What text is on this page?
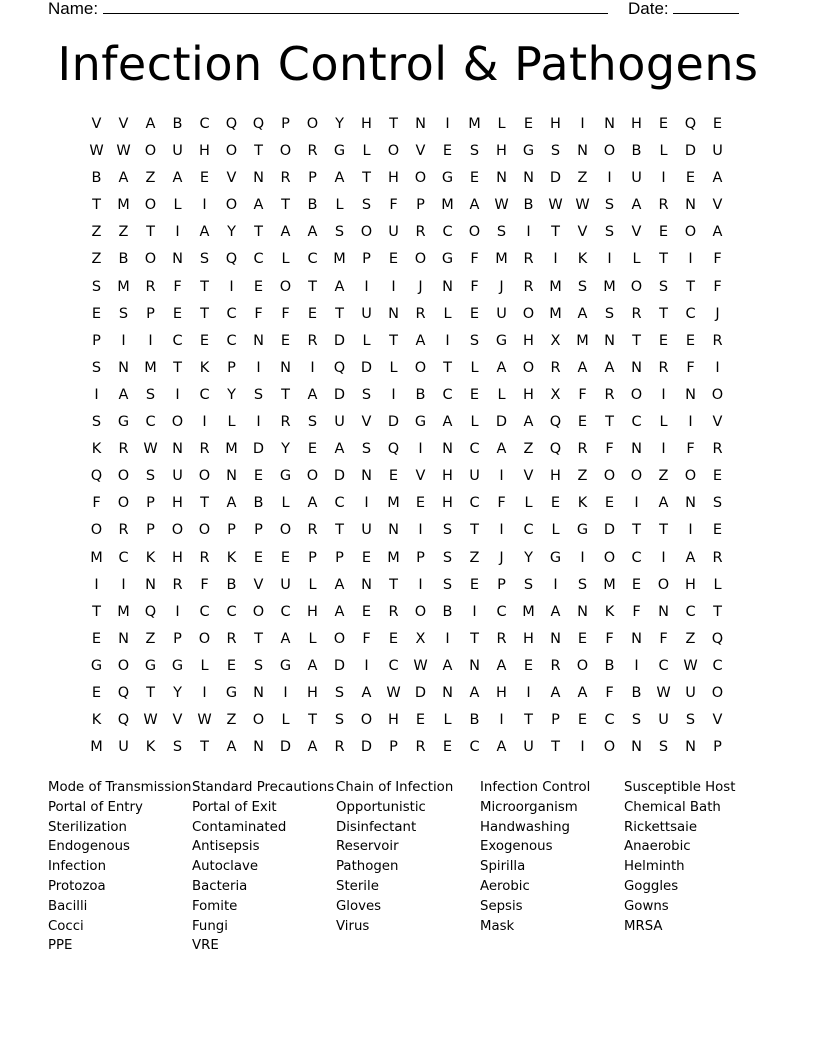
Name:

	Date:

Infection Control & Pathogens
V	V	A	B	C	Q	Q	P	O	Y	H	T	N	I	M	L	E	H	I	N	H	E	Q	E
W W O	U	H	O	T	O	R	G	L	O	V	E	S	H	G	S	N	O	B	L	D	U
B	A	Z	A	E	V	N	R	P	A	T	H	O	G	E	N	N	D	Z	I	U	I	E	A
T	M	O	L	I	O	A	T	B	L	S	F	P	M	A	W	B	W W	S	A	R	N	V
Z	Z	T	I	A	Y	T	A	A	S	O	U	R	C	O	S	I	T	V	S	V	E	O	A
Z	B	O	N	S	Q	C	L	C	M	P	E	O	G	F	M	R	I	K	I	L	T	I	F
S	M	R	F	T	I	E	O	T	A	I	I	J	N	F	J	R	M	S	M	O	S	T	F
E	S	P	E	T	C	F	F	E	T	U	N	R	L	E	U	O	M	A	S	R	T	C	J
P	I	I	C	E	C	N	E	R	D	L	T	A	I	S	G	H	X	M	N	T	E	E	R
S	N	M	T	K	P	I	N	I	Q	D	L	O	T	L	A	O	R	A	A	N	R	F	I
I	A	S	I	C	Y	S	T	A	D	S	I	B	C	E	L	H	X	F	R	O	I	N	O
S	G	C	O	I	L	I	R	S	U	V	D	G	A	L	D	A	Q	E	T	C	L	I	V
K	R	W N	R	M	D	Y	E	A	S	Q	I	N	C	A	Z	Q	R	F	N	I	F	R
Q	O	S	U	O	N	E	G	O	D	N	E	V	H	U	I	V	H	Z	O	O	Z	O	E
F	O	P	H	T	A	B	L	A	C	I	M	E	H	C	F	L	E	K	E	I	A	N	S
O	R	P	O	O	P	P	O	R	T	U	N	I	S	T	I	C	L	G	D	T	T	I	E
M	C	K	H	R	K	E	E	P	P	E	M	P	S	Z	J	Y	G	I	O	C	I	A	R
I	I	N	R	F	B	V	U	L	A	N	T	I	S	E	P	S	I	S	M	E	O	H	L
T	M	Q	I	C	C	O	C	H	A	E	R	O	B	I	C	M	A	N	K	F	N	C	T
E	N	Z	P	O	R	T	A	L	O	F	E	X	I	T	R	H	N	E	F	N	F	Z	Q
G	O	G	G	L	E	S	G	A	D	I	C	W	A	N	A	E	R	O	B	I	C	W	C
E	Q	T	Y	I	G	N	I	H	S	A	W D	N	A	H	I	A	A	F	B	W	U	O
K	Q W	V	W	Z	O	L	T	S	O	H	E	L	B	I	T	P	E	C	S	U	S	V
M	U	K	S	T	A	N	D	A	R	D	P	R	E	C	A	U	T	I	O	N	S	N	P
Mode of Transmission
Portal of Entry
Sterilization
Endogenous
Infection
Protozoa
Bacilli
Cocci
PPE
Standard Precautions
Portal of Exit
Contaminated
Antisepsis
Autoclave
Bacteria
Fomite
Fungi
VRE
Chain of Infection
Opportunistic
Disinfectant
Reservoir
Pathogen
Sterile
Gloves
Virus
Infection Control
Microorganism
Handwashing
Exogenous
Spirilla
Aerobic
Sepsis
Mask
Susceptible Host
Chemical Bath
Rickettsaie
Anaerobic
Helminth
Goggles
Gowns
MRSA
